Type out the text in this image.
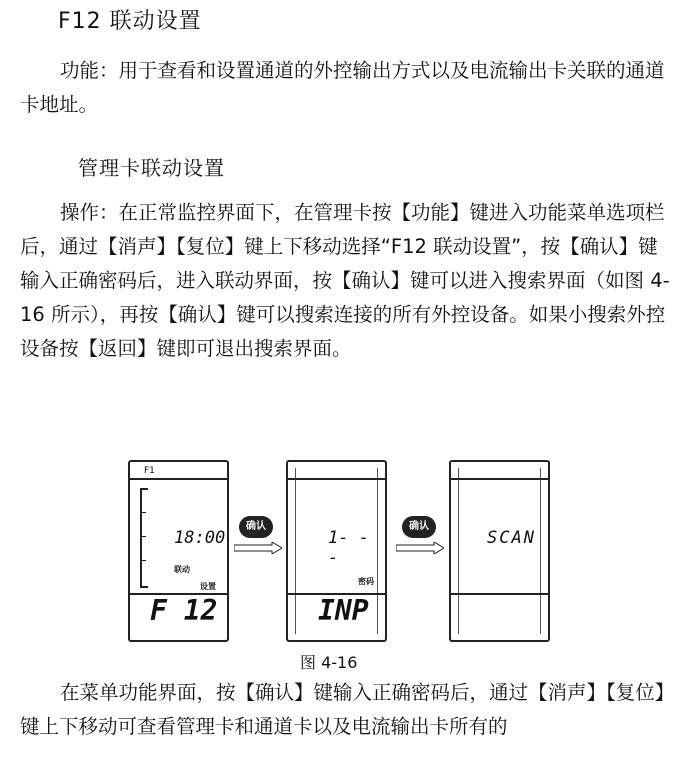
F12 联动设置

功能：用于查看和设置通道的外控输出方式以及电流输出卡关联的通道卡地址。

管理卡联动设置

操作：在正常监控界面下，在管理卡按【功能】键进入功能菜单选项栏后，通过【消声】【复位】键上下移动选择“F12 联动设置”，按【确认】键输入正确密码后，进入联动界面，按【确认】键可以进入搜索界面（如图 4-16 所示），再按【确认】键可以搜索连接的所有外控设备。如果小搜索外控设备按【返回】键即可退出搜索界面。

F1
18:00
联动
设置
F 12
确认
1- - -
密码
INP
确认
SCAN
图 4-16

在菜单功能界面，按【确认】键输入正确密码后，通过【消声】【复位】键上下移动可查看管理卡和通道卡以及电流输出卡所有的
